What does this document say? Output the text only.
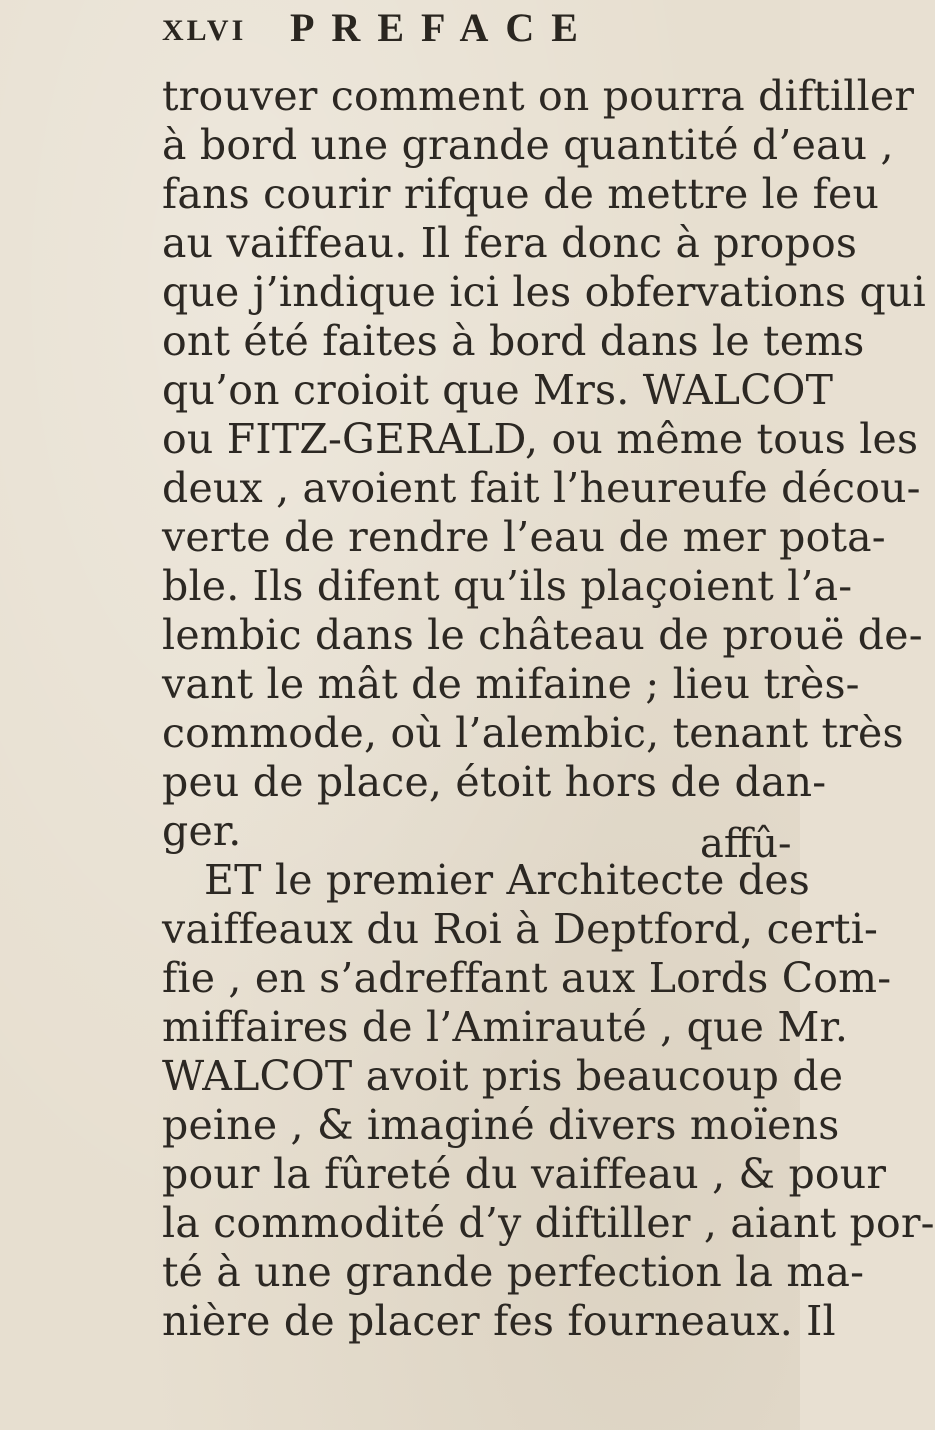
XLVI PREFACE
trouver comment on pourra diftiller
à bord une grande quantité d’eau ,
fans courir rifque de mettre le feu
au vaiffeau. Il fera donc à propos
que j’indique ici les obfervations qui
ont été faites à bord dans le tems
qu’on croioit que Mrs. WALCOT
ou FITZ-GERALD, ou même tous les
deux , avoient fait l’heureufe décou-
verte de rendre l’eau de mer pota-
ble. Ils difent qu’ils plaçoient l’a-
lembic dans le château de prouë de-
vant le mât de mifaine ; lieu très-
commode, où l’alembic, tenant très
peu de place, étoit hors de dan-
ger.
ET le premier Architecte des
vaiffeaux du Roi à Deptford, certi-
fie , en s’adreffant aux Lords Com-
miffaires de l’Amirauté , que Mr.
WALCOT avoit pris beaucoup de
peine , & imaginé divers moïens
pour la fûreté du vaiffeau , & pour
la commodité d’y diftiller , aiant por-
té à une grande perfection la ma-
nière de placer fes fourneaux. Il
affû-
